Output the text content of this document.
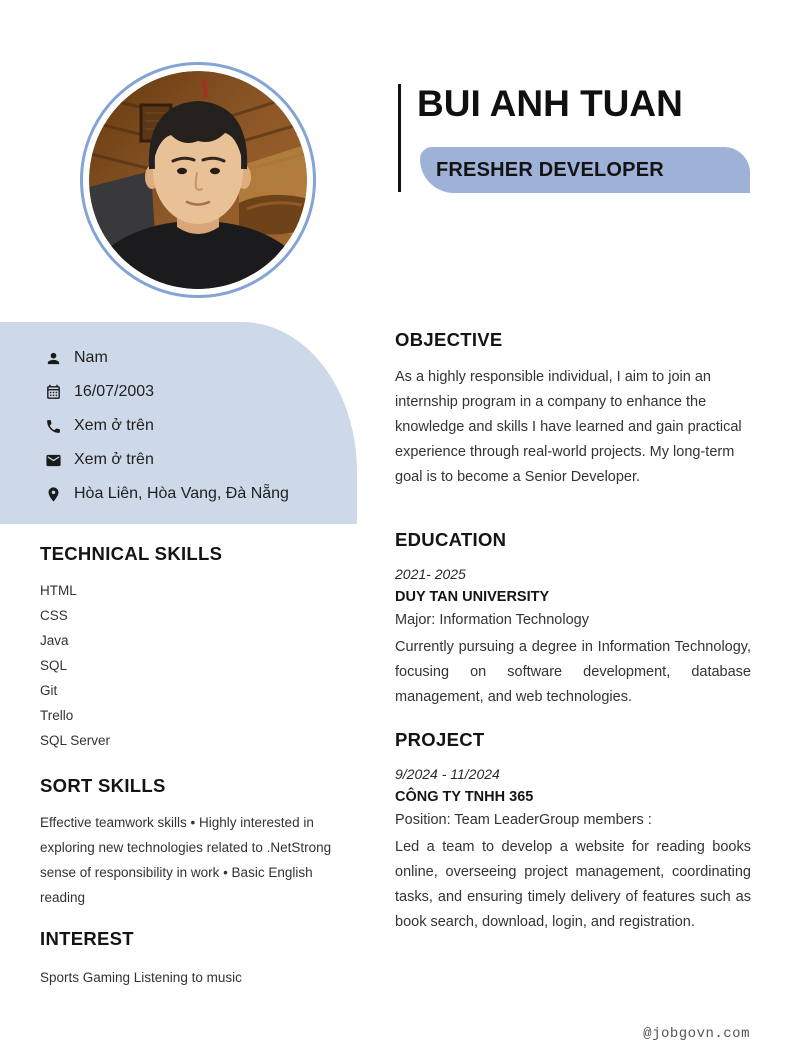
BUI ANH TUAN
FRESHER DEVELOPER
Nam
16/07/2003
Xem ở trên
Xem ở trên
Hòa Liên, Hòa Vang, Đà Nẵng
TECHNICAL SKILLS
HTML
CSS
Java
SQL
Git
Trello
SQL Server
SORT SKILLS

Effective teamwork skills • Highly interested in exploring new technologies related to .NetStrong sense of responsibility in work • Basic English reading

INTEREST

Sports Gaming Listening to music

OBJECTIVE

As a highly responsible individual, I aim to join an internship program in a company to enhance the knowledge and skills I have learned and gain practical experience through real-world projects. My long-term goal is to become a Senior Developer.

EDUCATION
2021- 2025
DUY TAN UNIVERSITY
Major: Information Technology

Currently pursuing a degree in Information Technology, focusing on software development, database management, and web technologies.

PROJECT
9/2024 - 11/2024
CÔNG TY TNHH 365
Position: Team LeaderGroup members :

Led a team to develop a website for reading books online, overseeing project management, coordinating tasks, and ensuring timely delivery of features such as book search, download, login, and registration.

@jobgovn.com
